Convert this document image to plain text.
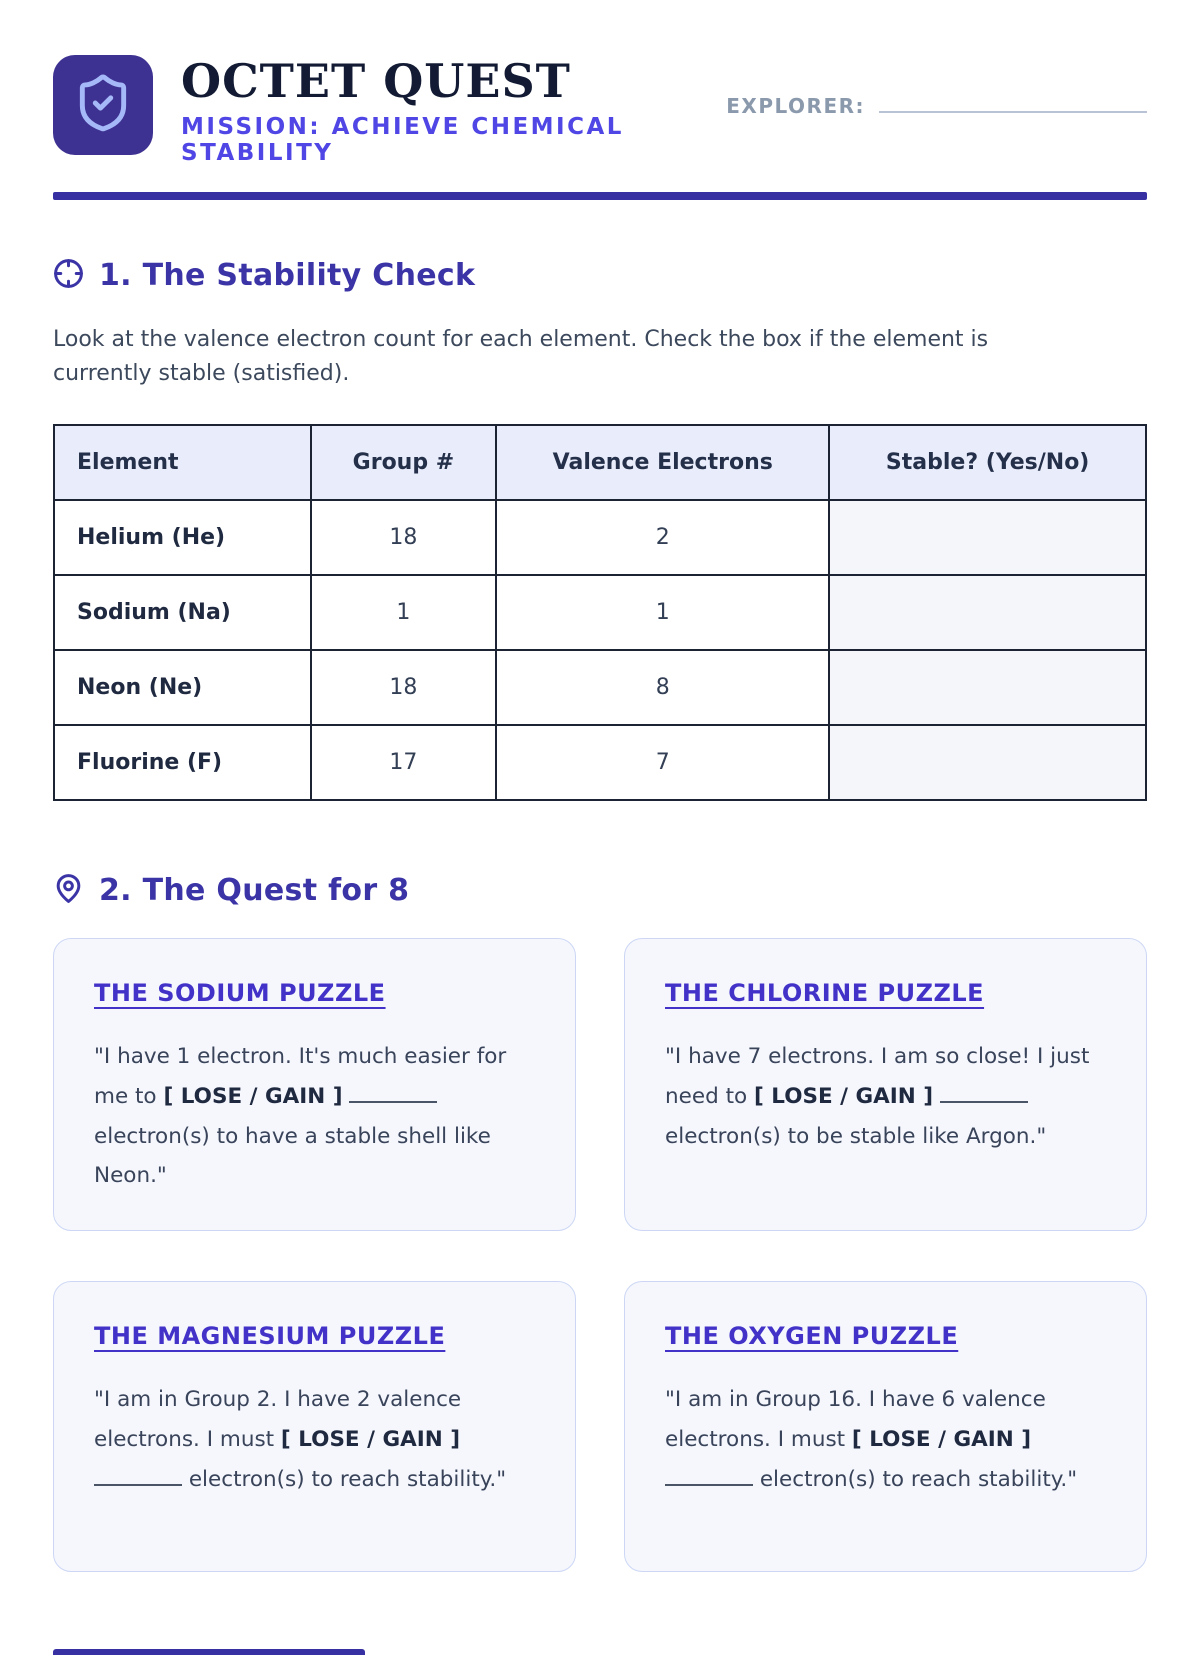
OCTET QUEST
MISSION: ACHIEVE CHEMICAL STABILITY
EXPLORER:
1. The Stability Check

Look at the valence electron count for each element. Check the box if the element is currently stable (satisfied).

Element	Group #	Valence Electrons	Stable? (Yes/No)
Helium (He)	18	2	
Sodium (Na)	1	1	
Neon (Ne)	18	8	
Fluorine (F)	17	7	
2. The Quest for 8
THE SODIUM PUZZLE

"I have 1 electron. It's much easier for me to [ LOSE / GAIN ]  electron(s) to have a stable shell like Neon."

THE CHLORINE PUZZLE

"I have 7 electrons. I am so close! I just need to [ LOSE / GAIN ]  electron(s) to be stable like Argon."

THE MAGNESIUM PUZZLE

"I am in Group 2. I have 2 valence electrons. I must [ LOSE / GAIN ]  electron(s) to reach stability."

THE OXYGEN PUZZLE

"I am in Group 16. I have 6 valence electrons. I must [ LOSE / GAIN ]  electron(s) to reach stability."
